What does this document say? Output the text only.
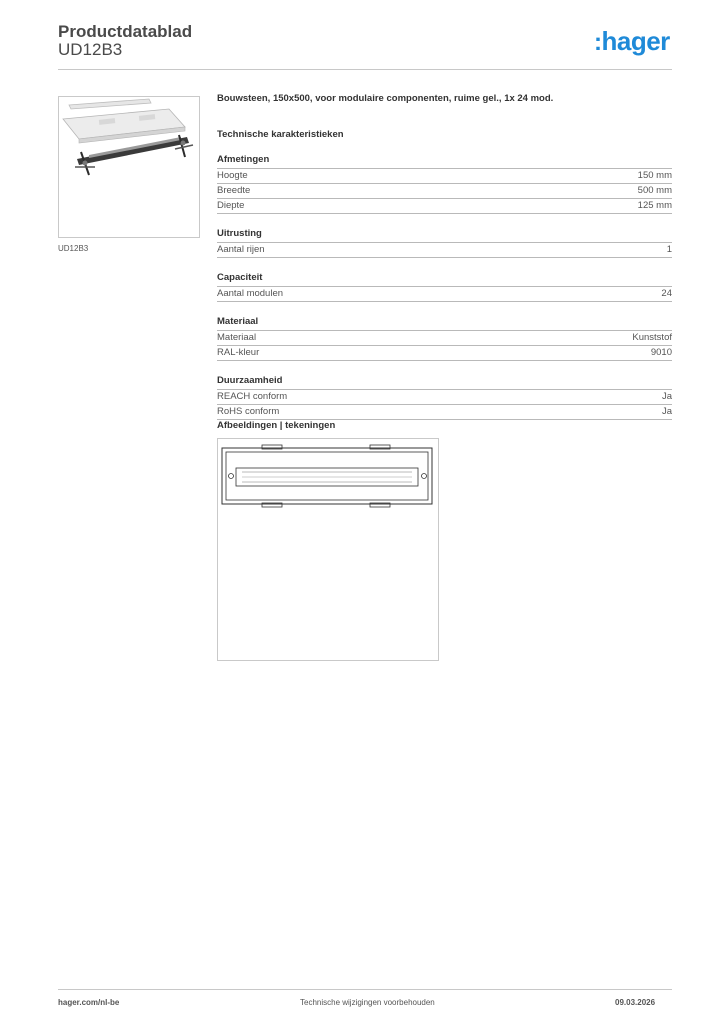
Productdatablad
UD12B3	:hager
UD12B3
Bouwsteen, 150x500, voor modulaire componenten, ruime gel., 1x 24 mod.
Technische karakteristieken
Afmetingen
Hoogte	150 mm
Breedte	500 mm
Diepte	125 mm
Uitrusting
Aantal rijen	1
Capaciteit
Aantal modulen	24
Materiaal
Materiaal	Kunststof
RAL-kleur	9010
Duurzaamheid
REACH conform	Ja
RoHS conform	Ja
Afbeeldingen | tekeningen
hager.com/nl-be	Technische wijzigingen voorbehouden	09.03.2026
